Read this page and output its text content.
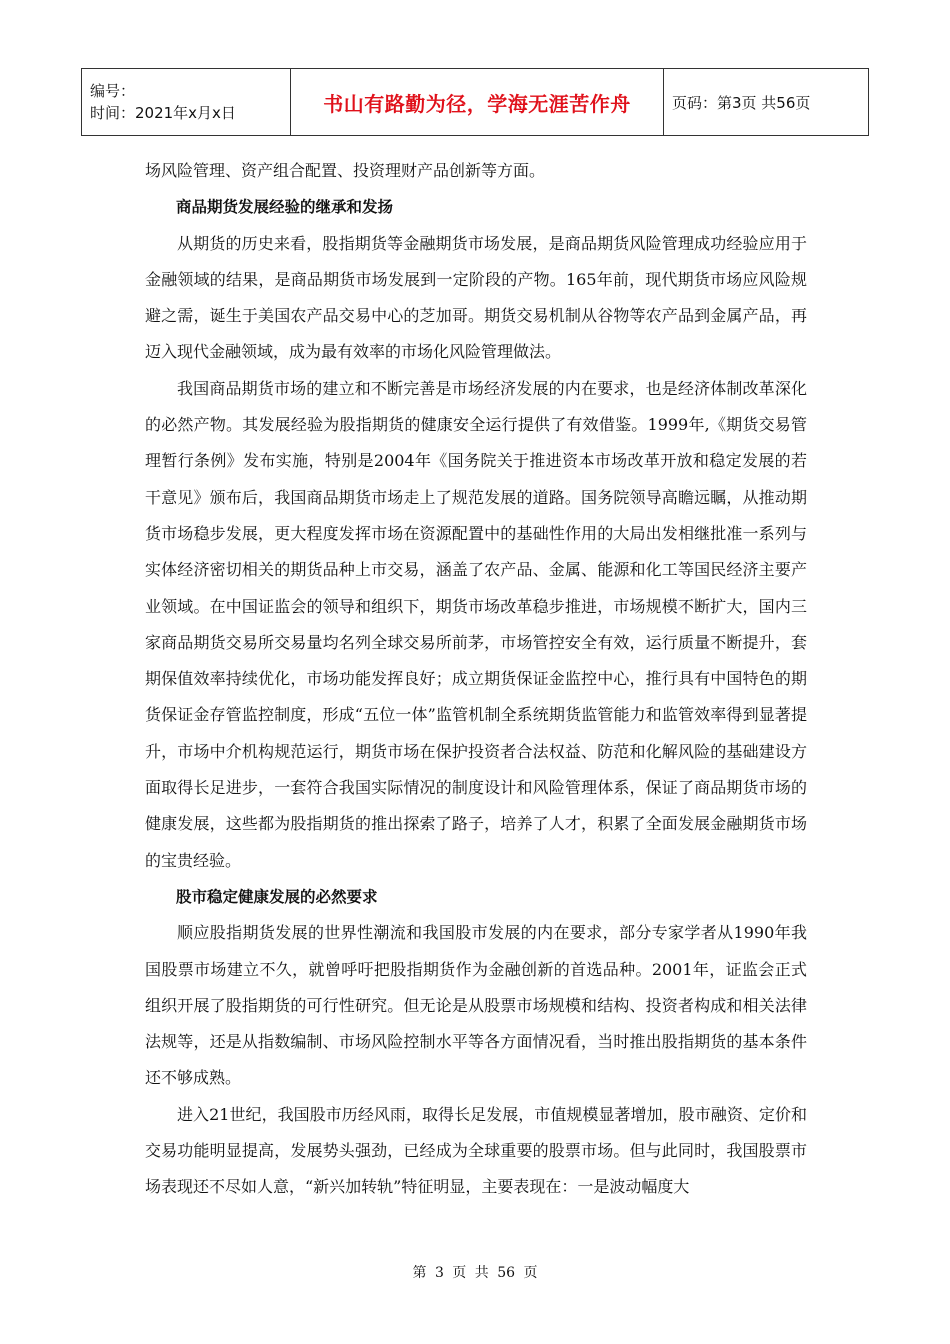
编号：
时间：2021年x月x日	书山有路勤为径，学海无涯苦作舟	页码：第3页 共56页

场风险管理、资产组合配置、投资理财产品创新等方面。

商品期货发展经验的继承和发扬

从期货的历史来看，股指期货等金融期货市场发展，是商品期货风险管理成功经验应用于金融领域的结果，是商品期货市场发展到一定阶段的产物。165年前，现代期货市场应风险规避之需，诞生于美国农产品交易中心的芝加哥。期货交易机制从谷物等农产品到金属产品，再迈入现代金融领域，成为最有效率的市场化风险管理做法。

我国商品期货市场的建立和不断完善是市场经济发展的内在要求，也是经济体制改革深化的必然产物。其发展经验为股指期货的健康安全运行提供了有效借鉴。1999年,《期货交易管理暂行条例》发布实施，特别是2004年《国务院关于推进资本市场改革开放和稳定发展的若干意见》颁布后，我国商品期货市场走上了规范发展的道路。国务院领导高瞻远瞩，从推动期货市场稳步发展，更大程度发挥市场在资源配置中的基础性作用的大局出发相继批准一系列与实体经济密切相关的期货品种上市交易，涵盖了农产品、金属、能源和化工等国民经济主要产业领域。在中国证监会的领导和组织下，期货市场改革稳步推进，市场规模不断扩大，国内三家商品期货交易所交易量均名列全球交易所前茅，市场管控安全有效，运行质量不断提升，套期保值效率持续优化，市场功能发挥良好；成立期货保证金监控中心，推行具有中国特色的期货保证金存管监控制度，形成“五位一体”监管机制全系统期货监管能力和监管效率得到显著提升，市场中介机构规范运行，期货市场在保护投资者合法权益、防范和化解风险的基础建设方面取得长足进步，一套符合我国实际情况的制度设计和风险管理体系，保证了商品期货市场的健康发展，这些都为股指期货的推出探索了路子，培养了人才，积累了全面发展金融期货市场的宝贵经验。

股市稳定健康发展的必然要求

顺应股指期货发展的世界性潮流和我国股市发展的内在要求，部分专家学者从1990年我国股票市场建立不久，就曾呼吁把股指期货作为金融创新的首选品种。2001年，证监会正式组织开展了股指期货的可行性研究。但无论是从股票市场规模和结构、投资者构成和相关法律法规等，还是从指数编制、市场风险控制水平等各方面情况看，当时推出股指期货的基本条件还不够成熟。

进入21世纪，我国股市历经风雨，取得长足发展，市值规模显著增加，股市融资、定价和交易功能明显提高，发展势头强劲，已经成为全球重要的股票市场。但与此同时，我国股票市场表现还不尽如人意，“新兴加转轨”特征明显，主要表现在：一是波动幅度大

第 3 页 共 56 页
